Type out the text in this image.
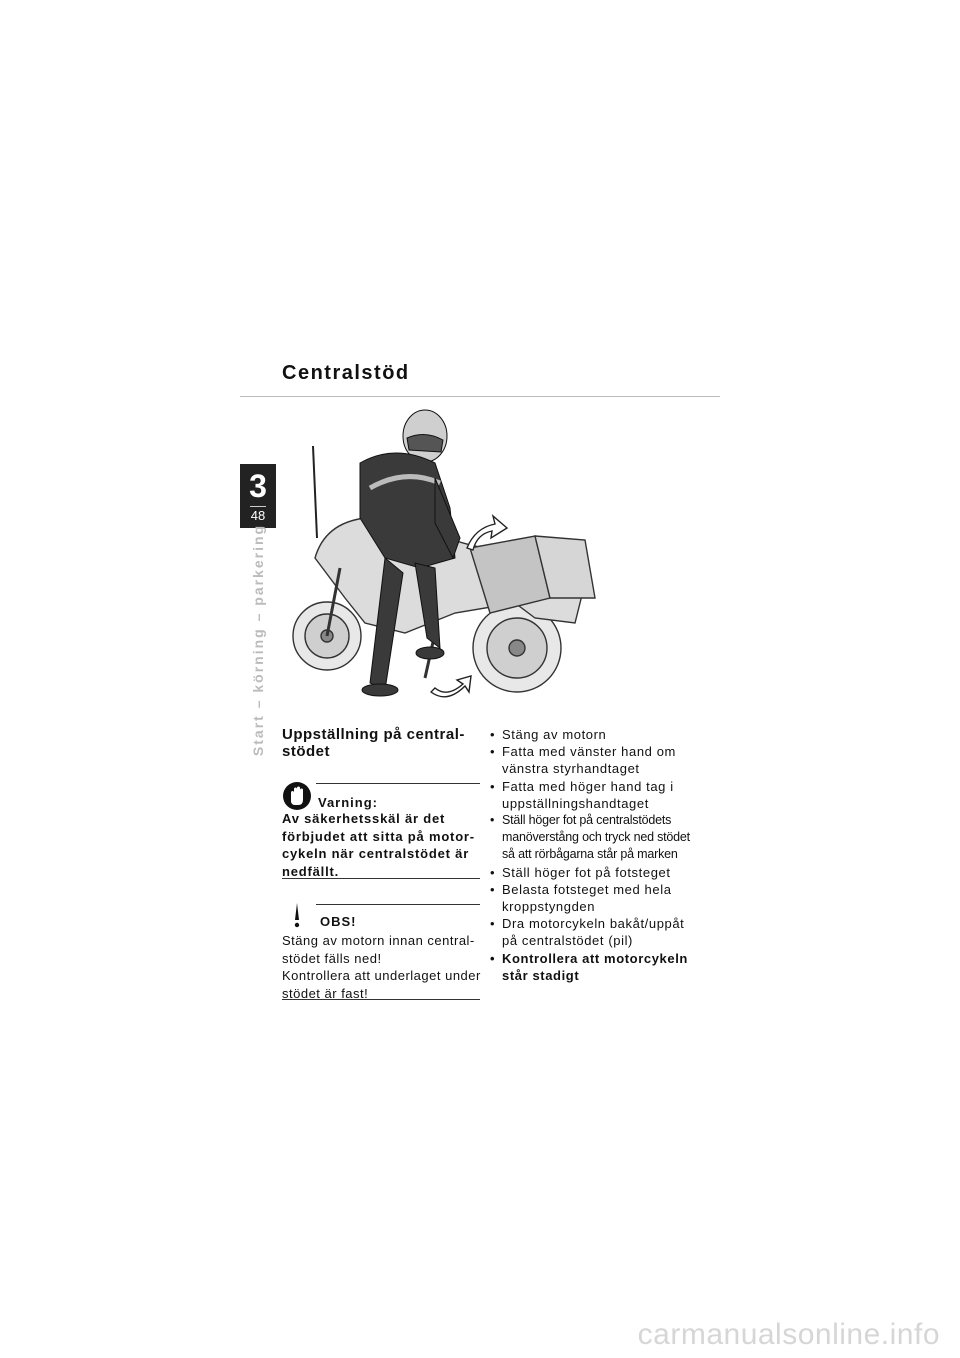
Centralstöd
3
48
Start – körning – parkering Uppställning på central-stödet
Varning:
Av säkerhetsskäl är det förbjudet att sitta på motor-cykeln när centralstödet är nedfällt.
OBS!
Stäng av motorn innan central-stödet fälls ned!
Kontrollera att underlaget under stödet är fast!
• Stäng av motorn
• Fatta med vänster hand om vänstra styrhandtaget
• Fatta med höger hand tag i uppställningshandtaget
• Ställ höger fot på centralstödets manöverstång och tryck ned stödet så att rörbågarna står på marken
• Ställ höger fot på fotsteget
• Belasta fotsteget med hela kroppstyngden
• Dra motorcykeln bakåt/uppåt på centralstödet (pil)
• Kontrollera att motorcykeln står stadigt
carmanualsonline.info
